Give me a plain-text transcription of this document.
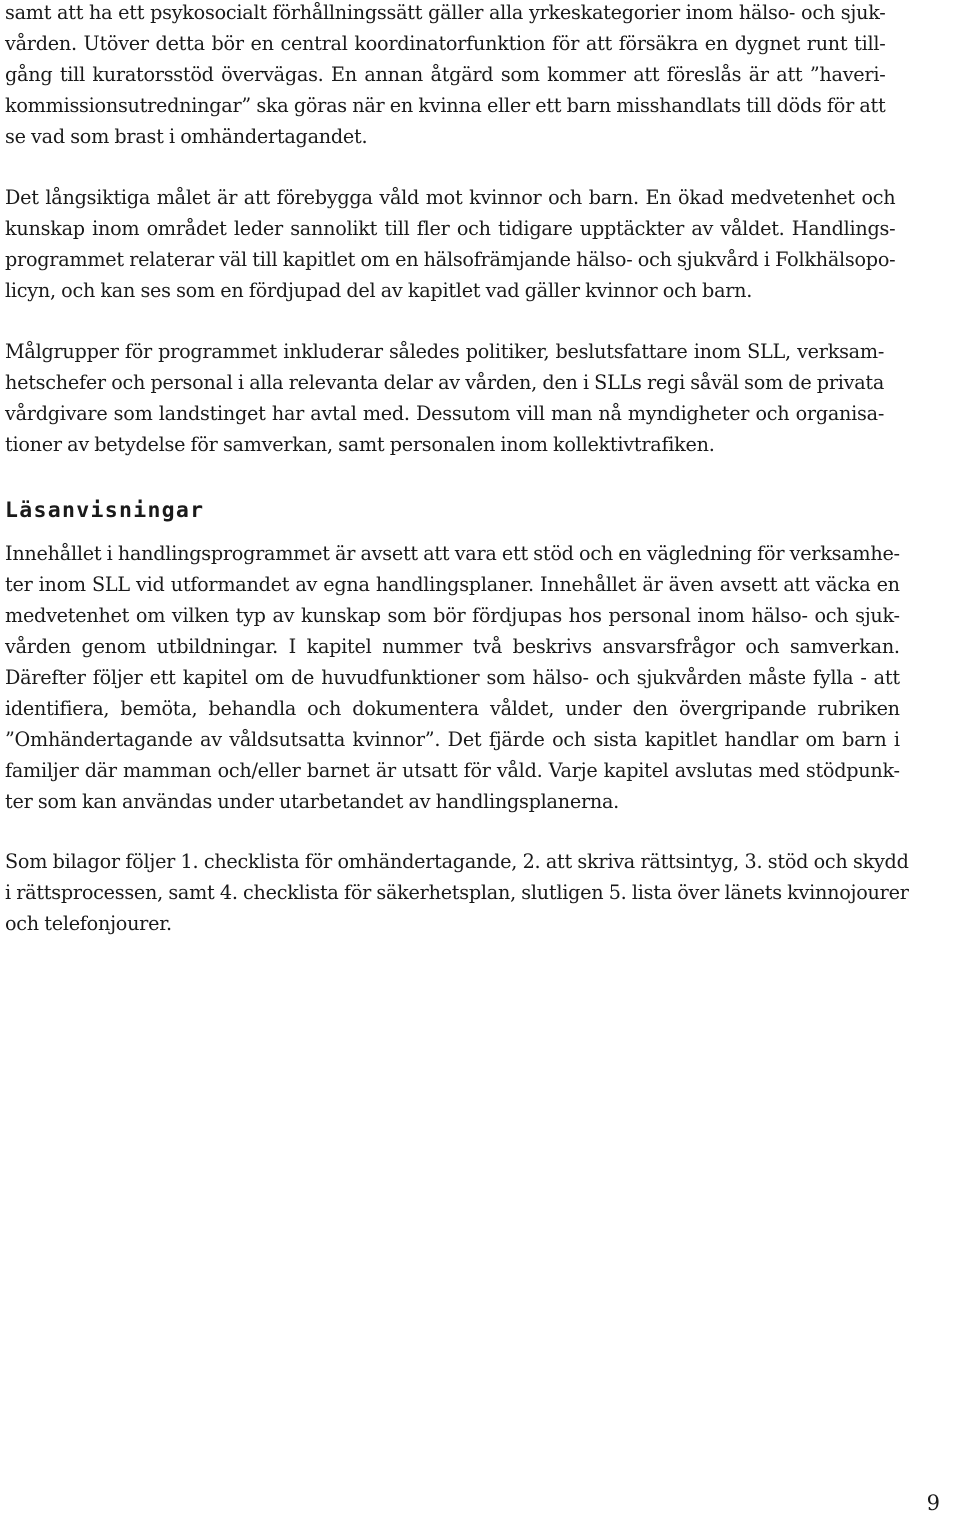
samt att ha ett psykosocialt förhållningssätt gäller alla yrkeskategorier inom hälso- och sjuk-
vården. Utöver detta bör en central koordinatorfunktion för att försäkra en dygnet runt till-
gång till kuratorsstöd övervägas. En annan åtgärd som kommer att föreslås är att ”haveri-
kommissionsutredningar” ska göras när en kvinna eller ett barn misshandlats till döds för att
se vad som brast i omhändertagandet.

Det långsiktiga målet är att förebygga våld mot kvinnor och barn. En ökad medvetenhet och
kunskap inom området leder sannolikt till fler och tidigare upptäckter av våldet. Handlings-
programmet relaterar väl till kapitlet om en hälsofrämjande hälso- och sjukvård i Folkhälsopo-
licyn, och kan ses som en fördjupad del av kapitlet vad gäller kvinnor och barn.

Målgrupper för programmet inkluderar således politiker, beslutsfattare inom SLL, verksam-
hetschefer och personal i alla relevanta delar av vården, den i SLLs regi såväl som de privata
vårdgivare som landstinget har avtal med. Dessutom vill man nå myndigheter och organisa-
tioner av betydelse för samverkan, samt personalen inom kollektivtrafiken.

Läsanvisningar

Innehållet i handlingsprogrammet är avsett att vara ett stöd och en vägledning för verksamhe-
ter inom SLL vid utformandet av egna handlingsplaner. Innehållet är även avsett att väcka en
medvetenhet om vilken typ av kunskap som bör fördjupas hos personal inom hälso- och sjuk-
vården genom utbildningar. I kapitel nummer två beskrivs ansvarsfrågor och samverkan.
Därefter följer ett kapitel om de huvudfunktioner som hälso- och sjukvården måste fylla - att
identifiera, bemöta, behandla och dokumentera våldet, under den övergripande rubriken
”Omhändertagande av våldsutsatta kvinnor”. Det fjärde och sista kapitlet handlar om barn i
familjer där mamman och/eller barnet är utsatt för våld. Varje kapitel avslutas med stödpunk-
ter som kan användas under utarbetandet av handlingsplanerna.

Som bilagor följer 1. checklista för omhändertagande, 2. att skriva rättsintyg, 3. stöd och skydd
i rättsprocessen, samt 4. checklista för säkerhetsplan, slutligen 5. lista över länets kvinnojourer
och telefonjourer.

9
